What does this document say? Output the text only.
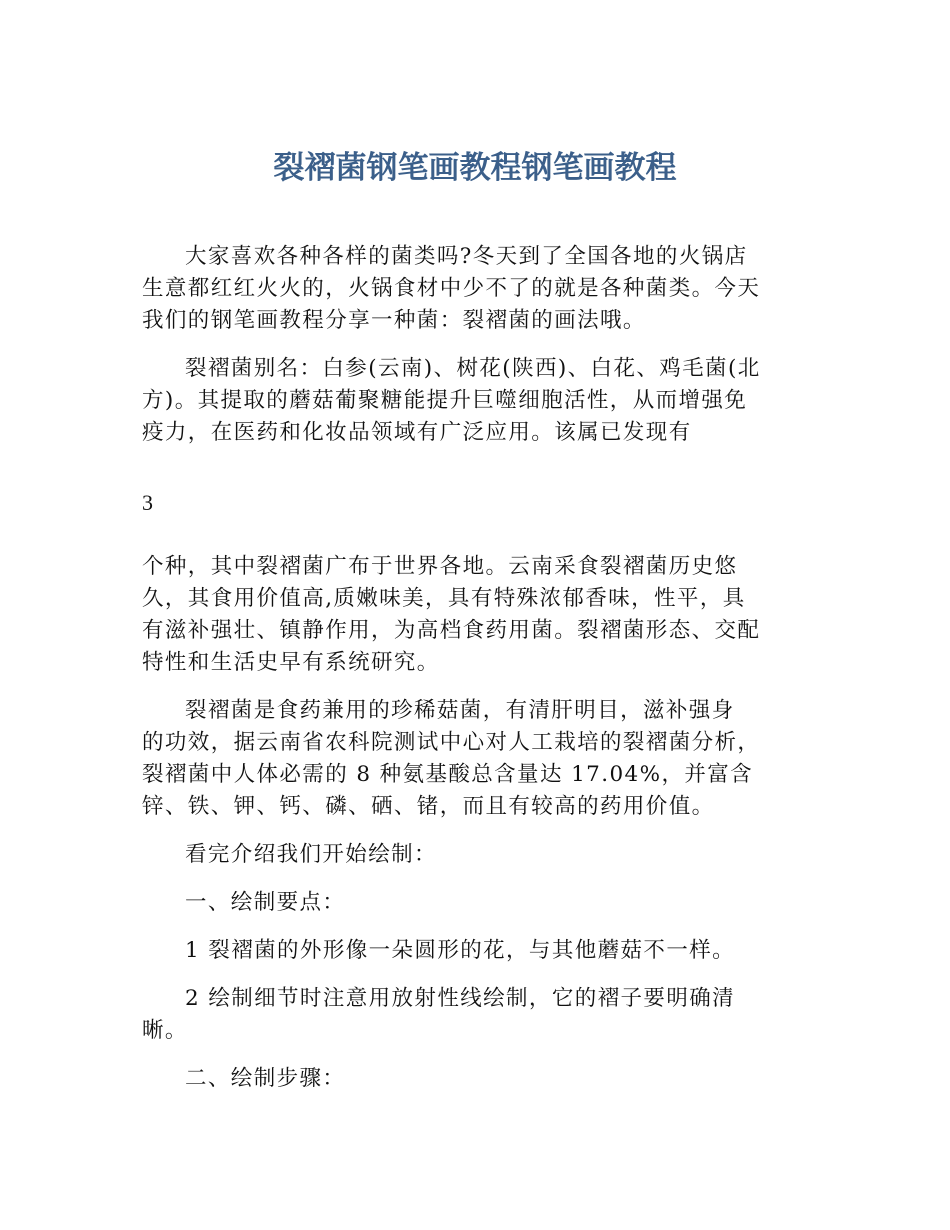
裂褶菌钢笔画教程钢笔画教程

大家喜欢各种各样的菌类吗?冬天到了全国各地的火锅店
生意都红红火火的，火锅食材中少不了的就是各种菌类。今天
我们的钢笔画教程分享一种菌：裂褶菌的画法哦。

裂褶菌别名：白参(云南)、树花(陕西)、白花、鸡毛菌(北
方)。其提取的蘑菇葡聚糖能提升巨噬细胞活性，从而增强免
疫力，在医药和化妆品领域有广泛应用。该属已发现有

3

个种，其中裂褶菌广布于世界各地。云南采食裂褶菌历史悠
久，其食用价值高,质嫩味美，具有特殊浓郁香味，性平，具
有滋补强壮、镇静作用，为高档食药用菌。裂褶菌形态、交配
特性和生活史早有系统研究。

裂褶菌是食药兼用的珍稀菇菌，有清肝明目，滋补强身
的功效，据云南省农科院测试中心对人工栽培的裂褶菌分析，
裂褶菌中人体必需的 8 种氨基酸总含量达 17.04%，并富含
锌、铁、钾、钙、磷、硒、锗，而且有较高的药用价值。

看完介绍我们开始绘制：

一、绘制要点：

1 裂褶菌的外形像一朵圆形的花，与其他蘑菇不一样。

2 绘制细节时注意用放射性线绘制，它的褶子要明确清
晰。

二、绘制步骤：
